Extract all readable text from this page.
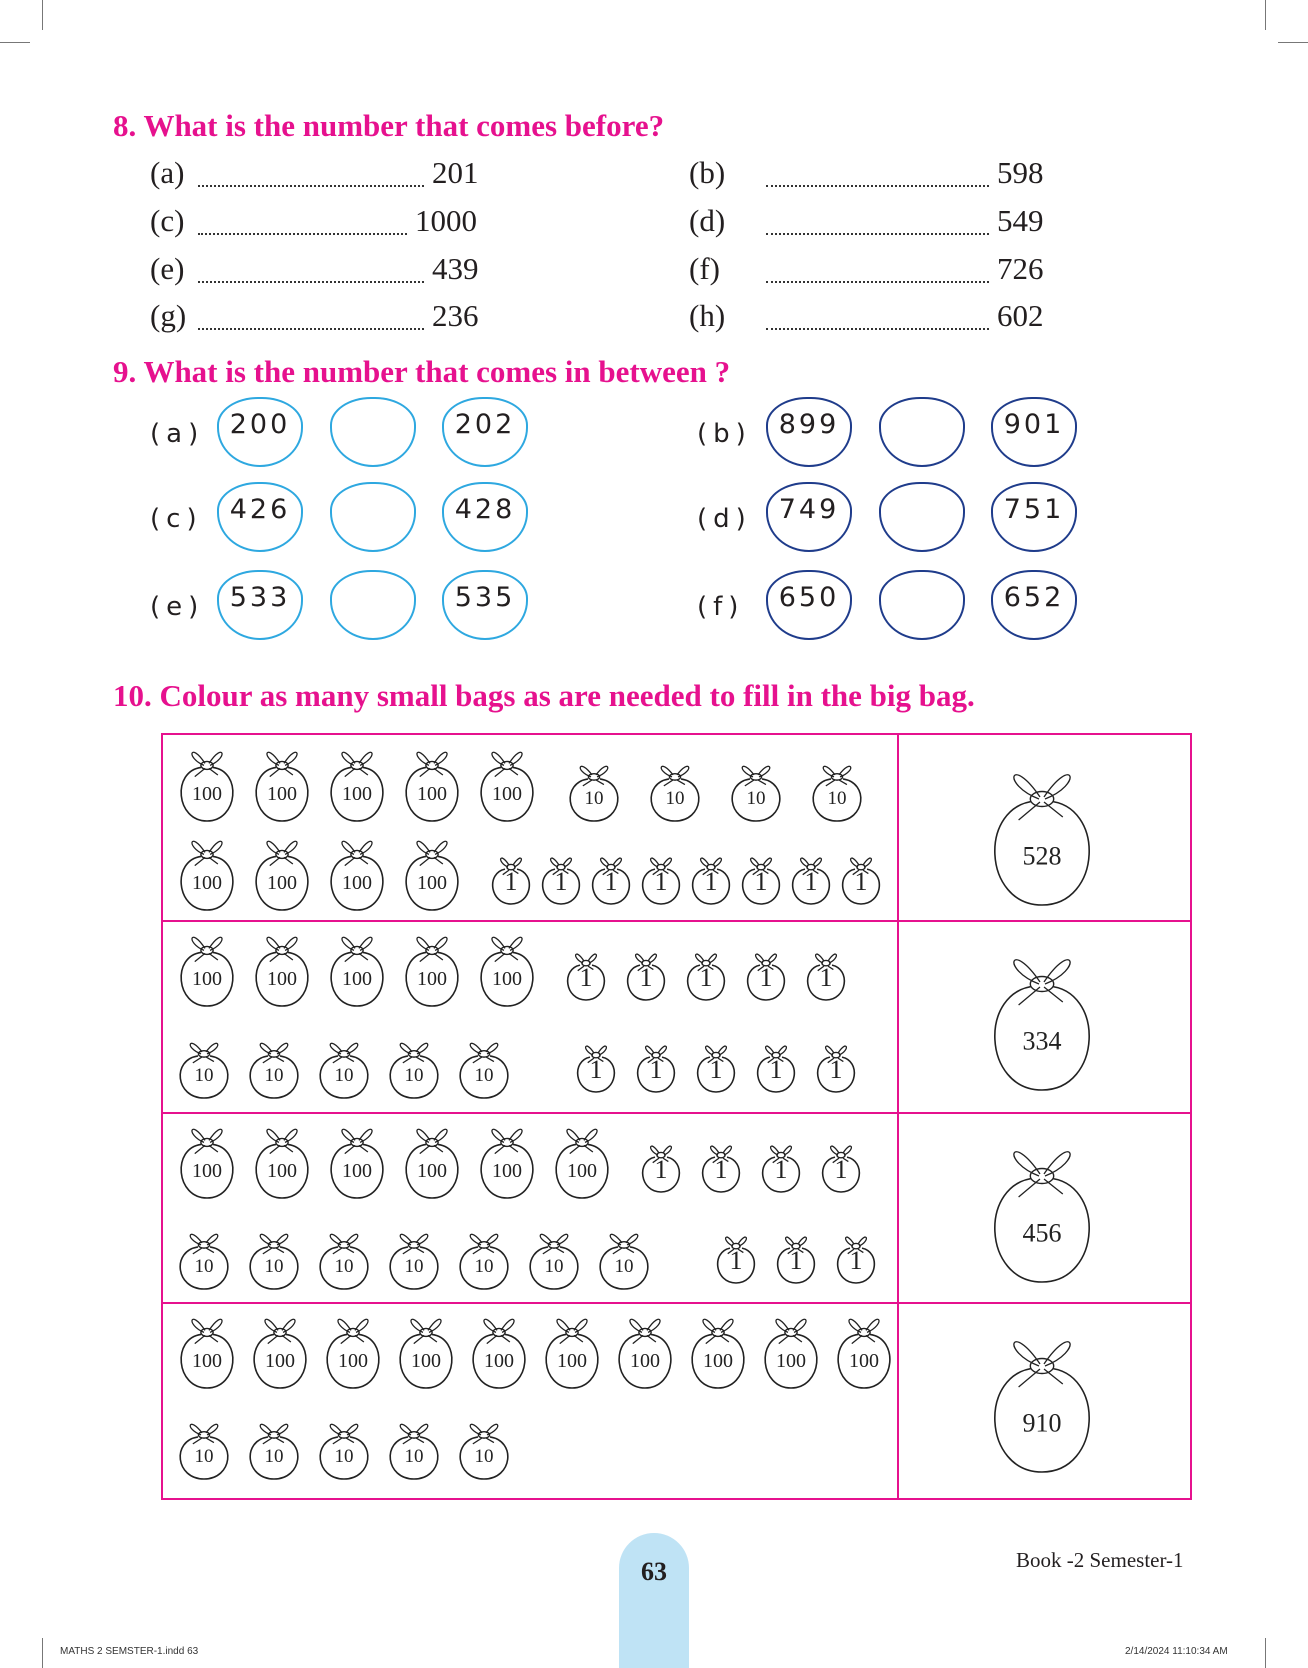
8. What is the number that comes before?
(a)	201	(b)	598
(c)	1000	(d)	549
(e)	439	(f)	726
(g)	236	(h)	602
9. What is the number that comes in between ?
(a) 200	202	(b) 899	901
(c)	426	428	(d) 749	751
(e) 533	535	(f)	650	652
10. Colour as many small bags as are needed to fill in the big bag.
100 100 100 100 100	10	10	10	10
100 100 100 100 1 1 1 1 1 1 1 1
528
100 100 100 100 100 1 1 1 1 1
10	10	10	10	10	1 1 1 1 1
334
100 100 100 100 100 100 1 1 1 1
10	10	10	10	10	10	10	1 1 1
456
100 100 100 100 100 100 100 100 100 100
10	10	10	10	10
910
63	Book -2 Semester-1
MATHS 2 SEMSTER-1.indd 63	2/14/2024 11:10:34 AM
